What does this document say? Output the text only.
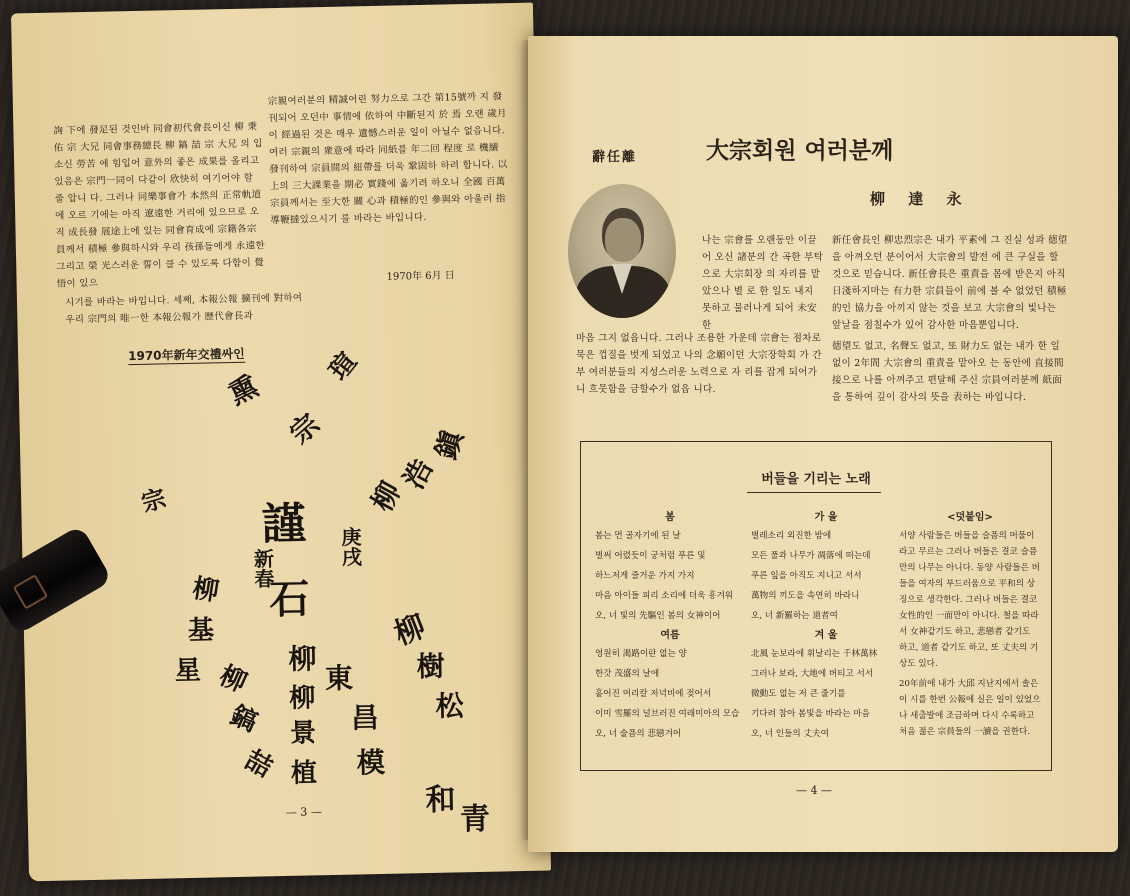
詢 下에 發足된 것인바 同會初代會長이신 柳 秉 佑 宗 大兄 同會事務總長 柳 鎬 喆 宗 大兄 의 입소신 勞苦 에 힘입어 意外의 좋은 成果를 올리고 있음은 宗門一同이 다같이 欣快히 여기어야 할 줄 압니 다. 그러나 同樂事會가 本然의 正常軌道에 오르 기에는 아직 遼遠한 거리에 있으므로 오직 成長發 展途上에 있는 同會育成에 宗籍各宗員께서 積極 參與하시와 우리 孩孫들에게 永遠한 그리고 榮 光스러운 誓이 클 수 있도록 다함이 覺悟이 있으

宗親여러분의 精誠어린 努力으로 그간 第15號까 지 發刊되어 오던中 事情에 依하여 中斷된지 於 焉 오랜 歲月이 經過된 것은 매우 遺憾스러운 일이 아닐수 없읍니다. 여러 宗親의 衆意에 따라 同紙를 年二回 程度 로 機續 發刊하여 宗員間의 紐帶를 더욱 鞏固하 하려 합니다. 以上의 三大課業을 期必 實踐에 옮기려 하오니 全國 百萬宗員께서는 至大한 關 心과 積極的인 參與와 아울러 指導鞭撻있으시기 를 바라는 바입니다.

1970年 6月 日
시기를 바라는 바입니다. 세째, 本報公報 擴刊에 對하여 우리 宗門의 唯一한 本報公報가 歷代會長과
1970年新年交禮싸인
謹
石
庚戌
新春
柳
東
昌
模
柳
景
植
和
青
柳
樹
松
柳
浩
鎭
柳
基
星 柳
鎬
喆
宗
熏
宗
瑄
— 3 —
辭任離	大宗회원 여러분께
柳 達 永

나는 宗會를 오랜동안 이끌어 오신 諸분의 간 곡한 부탁으로 大宗회장 의 자리를 맡았으나 별 로 한 일도 내지 못하고 물러나게 되어 未安한

新任會長인 柳忠烈宗은 내가 平素에 그 진실 성과 德望을 아껴오던 분이어서 大宗會의 발전 에 큰 구실을 할것으로 믿습니다. 新任會長은 重責을 몸에 받은지 아직 日淺하지마는 有力한 宗員들이 前에 볼 수 없었던 積極的인 協力을 아끼지 않는 것을 보고 大宗會의 빛나는 앞날을 점칠수가 있어 감사한 마음뿐입니다.

마음 그지 없읍니다. 그러나 조용한 가운데 宗會는 점차로 묵은 껍질을 벗게 되었고 나의 念願이던 大宗장학회 가 간부 여러분들의 지성스러운 노력으로 자 리를 잡게 되어가니 흐뭇함을 금할수가 없읍 니다.

德望도 없고, 名聲도 없고, 또 財力도 없는 내가 한 일 없이 2年間 大宗會의 重責을 맡아오 는 동안에 直接間接으로 나를 아껴주고 편달해 주신 宗員여러분께 紙面을 통하여 깊이 감사의 뜻을 表하는 바입니다.

버들을 기리는 노래
봄

봄는 먼 골자기에 된 날

벌써 어렸듯이 궁처럼 푸른 및

하느저게 즐거운 가지 가지

마음 아이들 피리 소리에 더욱 흥겨워

오, 너 빛의 先驅인 봄의 女神이어

여름

엉원히 渴路이란 없는 양

한갓 茂盛의 날에

흩어진 머리칼 저녁비에 젖어서

이미 雪羅의 널브러진 여래미아의 모습

오, 너 술픔의 悲戀겨어

가 을

벌레소리 외진한 밤에

모든 풀과 나무가 凋落에 떠는데

푸른 잎을 아직도 지니고 서서

萬物의 끼도을 속연히 바라니

오, 너 新羅하는 道者여

겨 울

北風 눈보라에 휘날리는 千林萬林

그러나 보라, 大地에 버티고 서서

微動도 없는 저 큰 줄기를

기다려 참아 봄빛을 바라는 마음

오, 너 인들의 丈夫여

<덧붙임>

서양 사람들은 버들을 슬픔의 머물이라고 무르는 그러나 버들은 결코 슬픔만의 나무는 아니다. 동양 사람들은 버들을 여자의 부드러움으로 平和의 상징으로 생각한다. 그러나 버들은 결코 女性的인 一面만이 아니다. 철을 따라서 女神같기도 하고, 悲戀者 같기도 하고, 道者 같기도 하고, 또 丈夫의 기상도 있다.

20年前에 내가 大邱 지난지에서 솔은이 시를 한번 公報에 실은 일이 있었으나 세출발에 조금하며 다시 수록하고 처음 젊은 宗員들의 一讀을 권한다.

— 4 —
